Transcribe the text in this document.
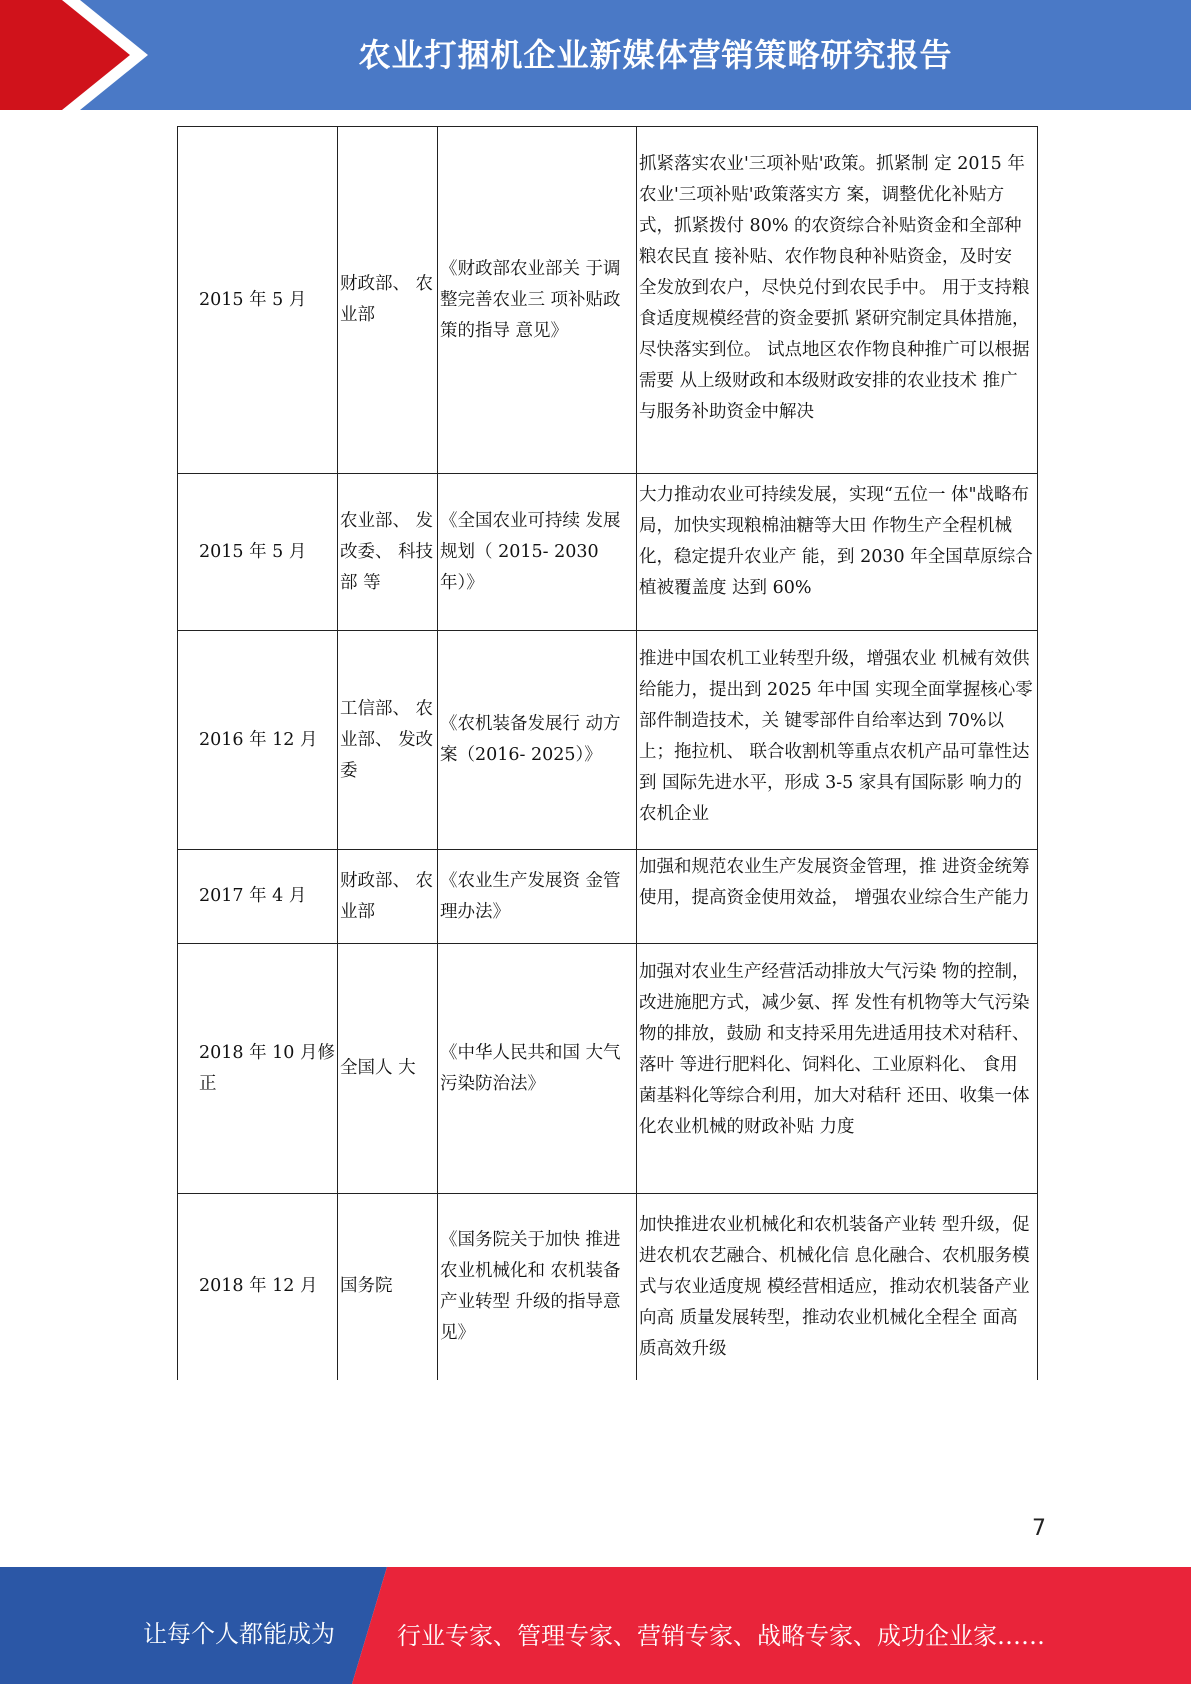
农业打捆机企业新媒体营销策略研究报告
2015 年 5 月	财政部、 农业部	《财政部农业部关 于调整完善农业三 项补贴政策的指导 意见》	抓紧落实农业'三项补贴'政策。抓紧制 定 2015 年农业'三项补贴'政策落实方 案，调整优化补贴方式，抓紧拨付 80% 的农资综合补贴资金和全部种粮农民直 接补贴、农作物良种补贴资金，及时安 全发放到农户，尽快兑付到农民手中。 用于支持粮食适度规模经营的资金要抓 紧研究制定具体措施，尽快落实到位。 试点地区农作物良种推广可以根据需要 从上级财政和本级财政安排的农业技术 推广与服务补助资金中解决
2015 年 5 月	农业部、 发改委、 科技部 等	《全国农业可持续 发展规划（ 2015- 2030 年）》	大力推动农业可持续发展，实现“五位一 体"战略布局，加快实现粮棉油糖等大田 作物生产全程机械化，稳定提升农业产 能，到 2030 年全国草原综合植被覆盖度 达到 60%
2016 年 12 月	工信部、 农业部、 发改委	《农机装备发展行 动方案（2016- 2025）》	推进中国农机工业转型升级，增强农业 机械有效供给能力，提出到 2025 年中国 实现全面掌握核心零部件制造技术，关 键零部件自给率达到 70%以上；拖拉机、 联合收割机等重点农机产品可靠性达到 国际先进水平，形成 3-5 家具有国际影 响力的农机企业
2017 年 4 月	财政部、 农业部	《农业生产发展资 金管理办法》	加强和规范农业生产发展资金管理，推 进资金统筹使用，提高资金使用效益， 增强农业综合生产能力
2018 年 10 月修正	全国人 大	《中华人民共和国 大气污染防治法》	加强对农业生产经营活动排放大气污染 物的控制，改进施肥方式，减少氨、挥 发性有机物等大气污染物的排放，鼓励 和支持采用先进适用技术对秸秆、落叶 等进行肥料化、饲料化、工业原料化、 食用菌基料化等综合利用，加大对秸秆 还田、收集一体化农业机械的财政补贴 力度
2018 年 12 月	国务院	《国务院关于加快 推进农业机械化和 农机装备产业转型 升级的指导意见》	加快推进农业机械化和农机装备产业转 型升级，促进农机农艺融合、机械化信 息化融合、农机服务模式与农业适度规 模经营相适应，推动农机装备产业向高 质量发展转型，推动农业机械化全程全 面高质高效升级
7
让每个人都能成为	行业专家、管理专家、营销专家、战略专家、成功企业家……
